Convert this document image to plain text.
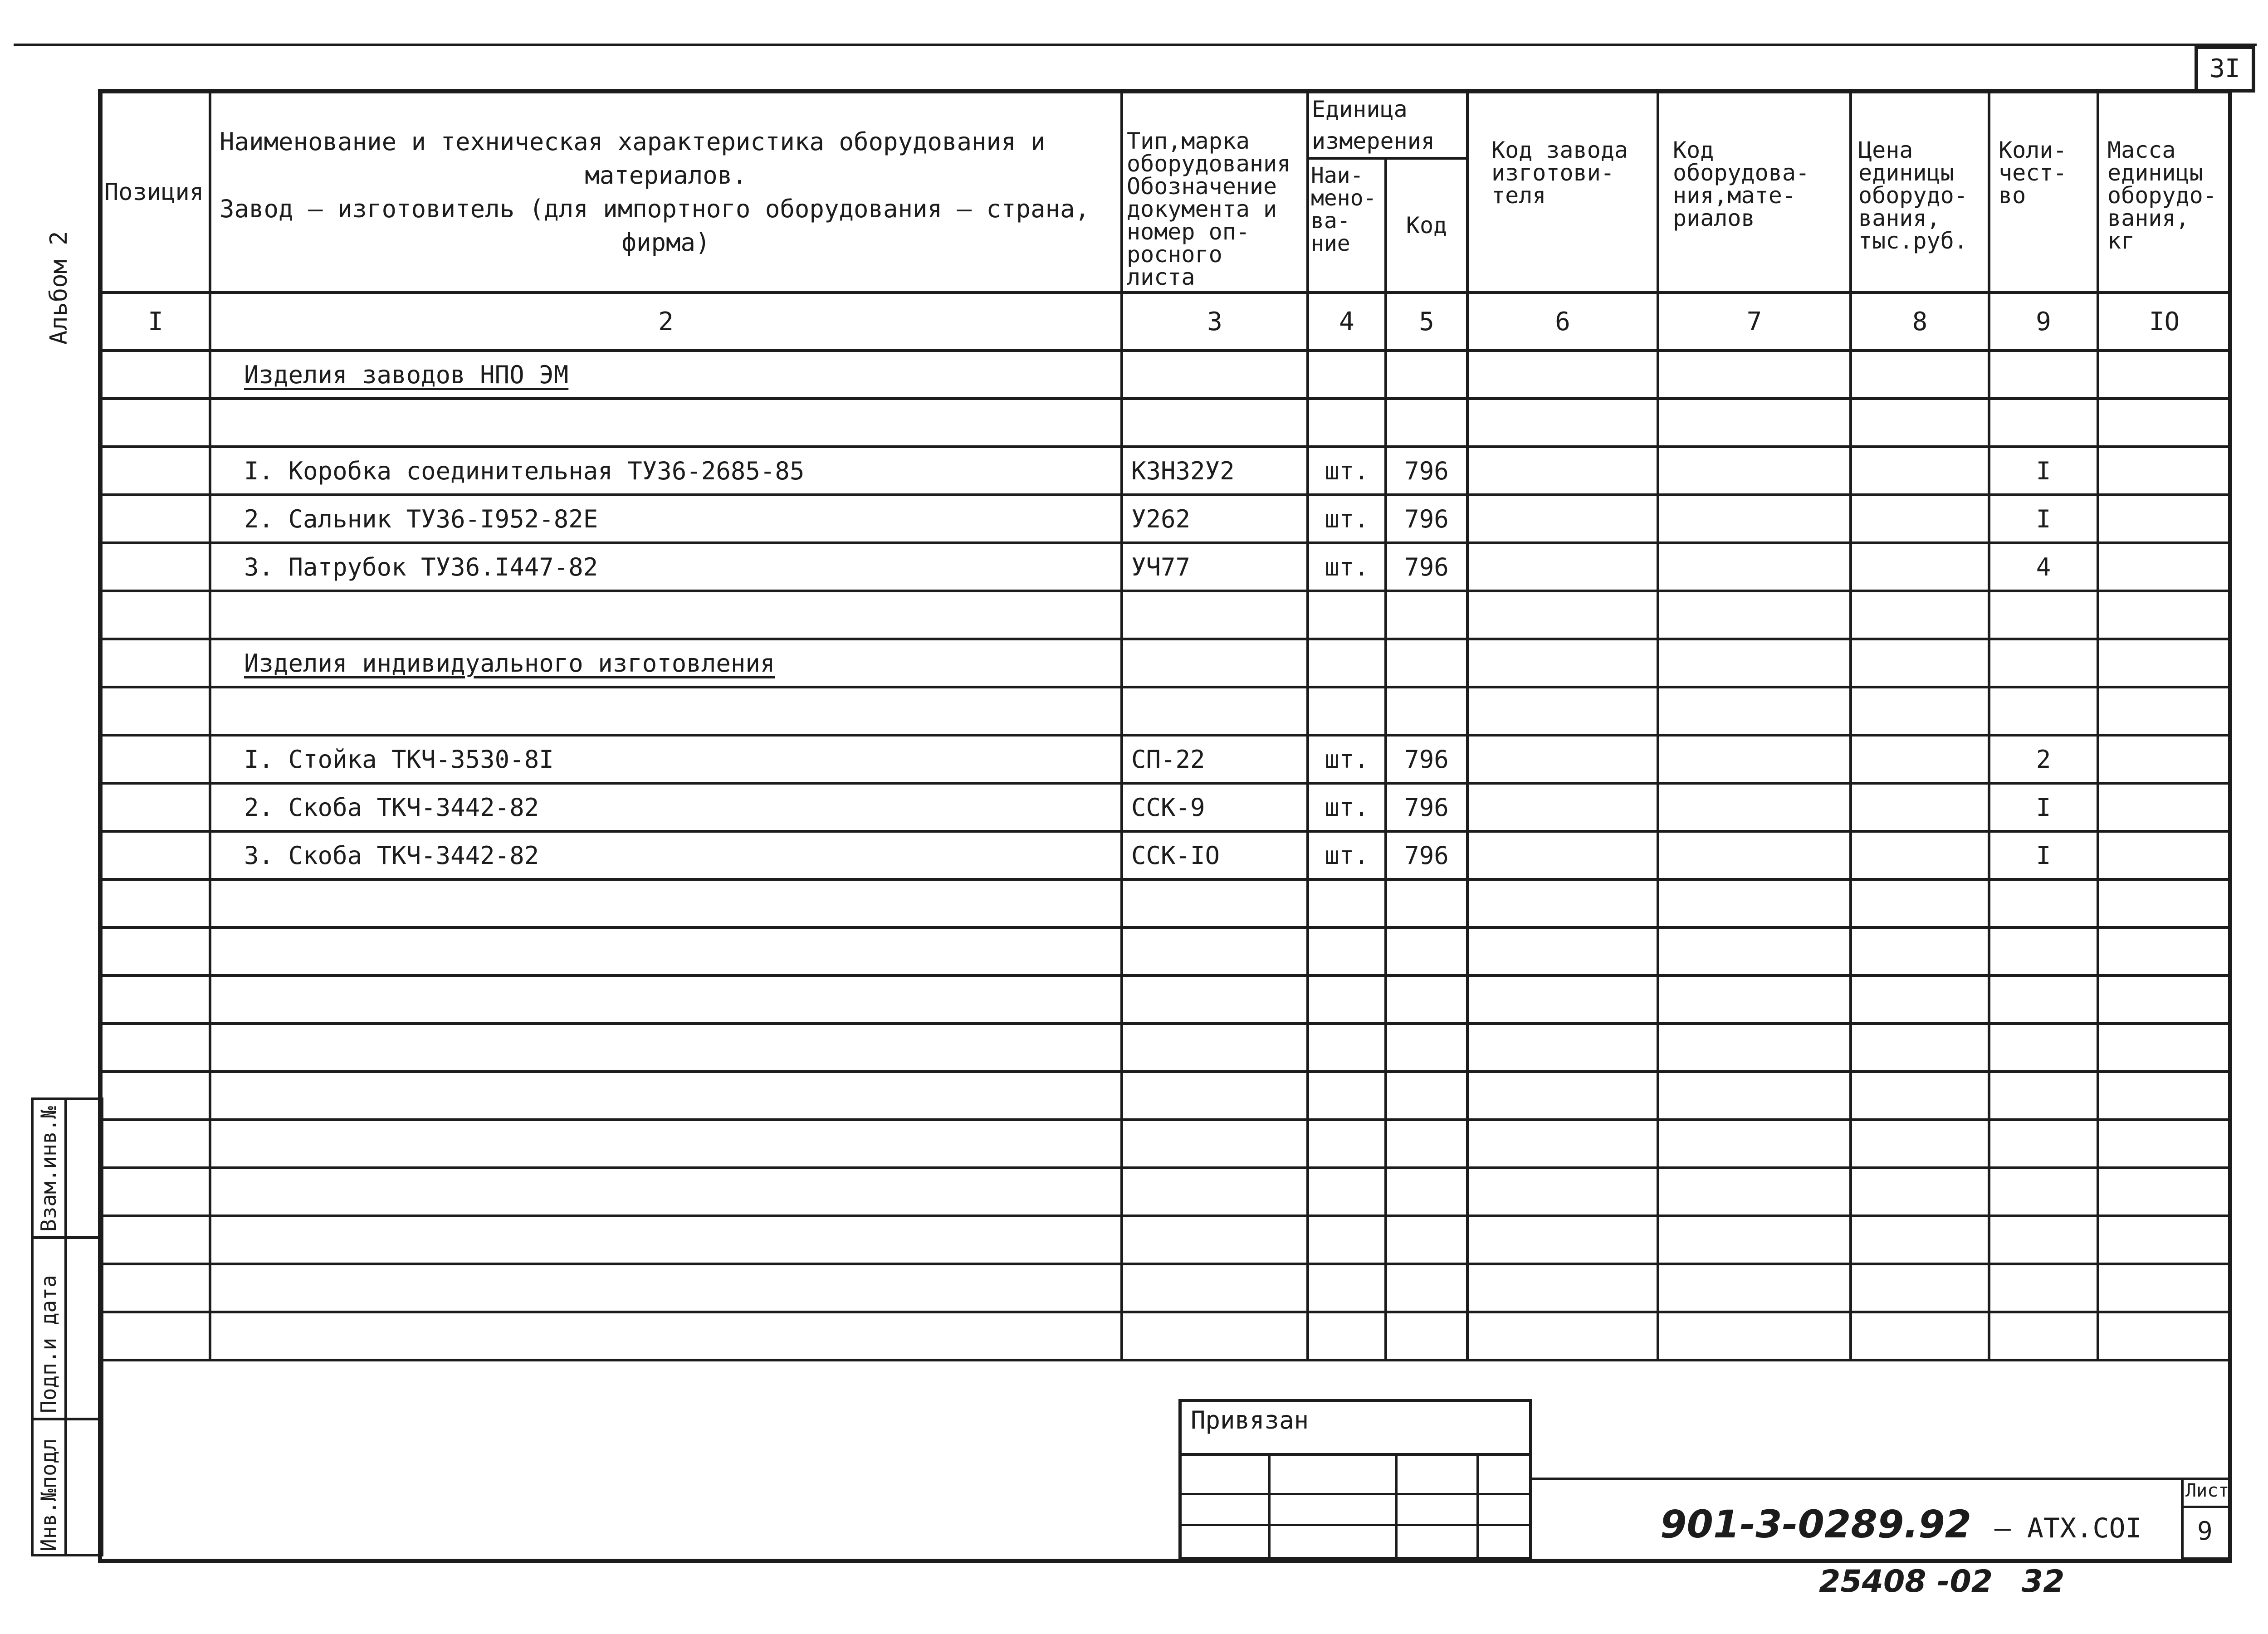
3I
Альбом 2
Позиция	Наименование и техническая характеристика оборудования и
материалов.
Завод – изготовитель (для импортного оборудования – страна,
фирма)	Тип,марка оборудования Обозначение документа и номер оп-росного листа	Единица измерения		Код завода изготови-теля	Код оборудова-ния,мате-риалов	Цена единицы оборудо-вания, тыс.руб.	Коли-чест-во	Масса единицы оборудо-вания, кг
			Наи-мено-ва-ние	Код					
I	2	3	4	5	6	7	8	9	IO
	Изделия заводов НПО ЭМ								

	I. Коробка соединительная ТУ36-2685-85	КЗН32У2	шт.	796				I	
	2. Сальник ТУ36-I952-82Е	У262	шт.	796				I	
	3. Патрубок ТУ36.I447-82	УЧ77	шт.	796				4	

	Изделия индивидуального изготовления								

	I. Стойка ТКЧ-3530-8I	СП-22	шт.	796				2	
	2. Скоба ТКЧ-3442-82	ССК-9	шт.	796				I	
	3. Скоба ТКЧ-3442-82	ССК-IO	шт.	796				I	

Взам.инв.№
Подп.и дата
Инв.№подл
Привязан
901-3-0289.92 – АТХ.СОI
Лист
9
25408 -02 32
